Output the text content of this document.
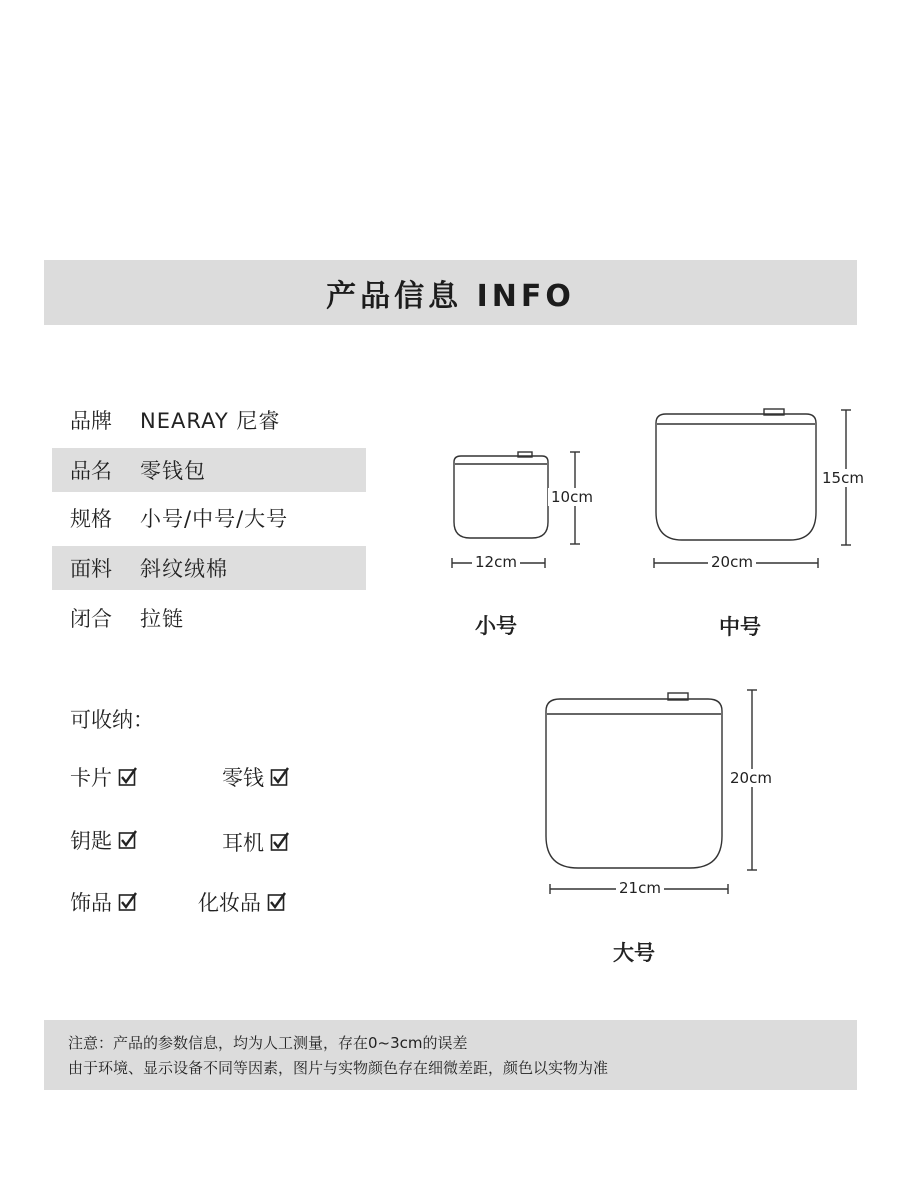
产品信息 INFO
品牌	NEARAY 尼睿
品名	零钱包
规格	小号/中号/大号
面料	斜纹绒棉
闭合	拉链
可收纳：
卡片	零钱
钥匙	耳机
饰品	化妆品
10cm
12cm
15cm
20cm
20cm
21cm
小号	中号
大号
注意：产品的参数信息，均为人工测量，存在0~3cm的误差
由于环境、显示设备不同等因素，图片与实物颜色存在细微差距，颜色以实物为准
